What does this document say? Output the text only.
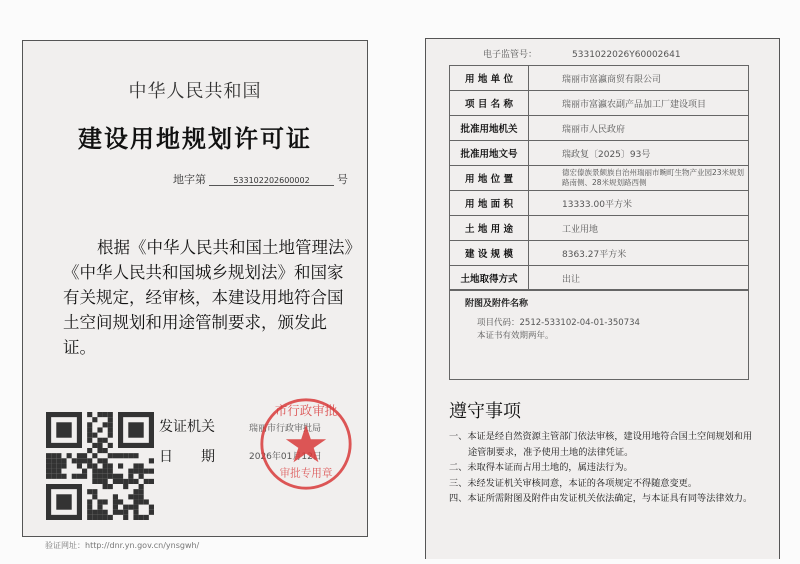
中华人民共和国
建设用地规划许可证
地字第	533102202600002 号
根据《中华人民共和国土地管理法》《中华人民共和国城乡规划法》和国家有关规定，经审核，本建设用地符合国土空间规划和用途管制要求，颁发此证。
发证机关	瑞丽市行政审批局
日　　期	2026年01月12日
市行政审批
审批专用章
验证网址：http://dnr.yn.gov.cn/ynsgwh/
电子监管号：	5331022026Y60002641
用 地 单 位	瑞丽市富瀛商贸有限公司
项 目 名 称	瑞丽市富瀛农副产品加工厂建设项目
批准用地机关	瑞丽市人民政府
批准用地文号	瑞政复〔2025〕93号
用 地 位 置	德宏傣族景颇族自治州瑞丽市畹町生物产业园23米规划路南侧、28米规划路西侧
用 地 面 积	13333.00平方米
土 地 用 途	工业用地
建 设 规 模	8363.27平方米
土地取得方式	出让
附图及附件名称
项目代码：2512-533102-04-01-350734
本证书有效期两年。
遵守事项
一、本证是经自然资源主管部门依法审核，建设用地符合国土空间规划和用途管制要求，准予使用土地的法律凭证。
二、未取得本证而占用土地的，属违法行为。
三、未经发证机关审核同意，本证的各项规定不得随意变更。
四、本证所需附图及附件由发证机关依法确定，与本证具有同等法律效力。
